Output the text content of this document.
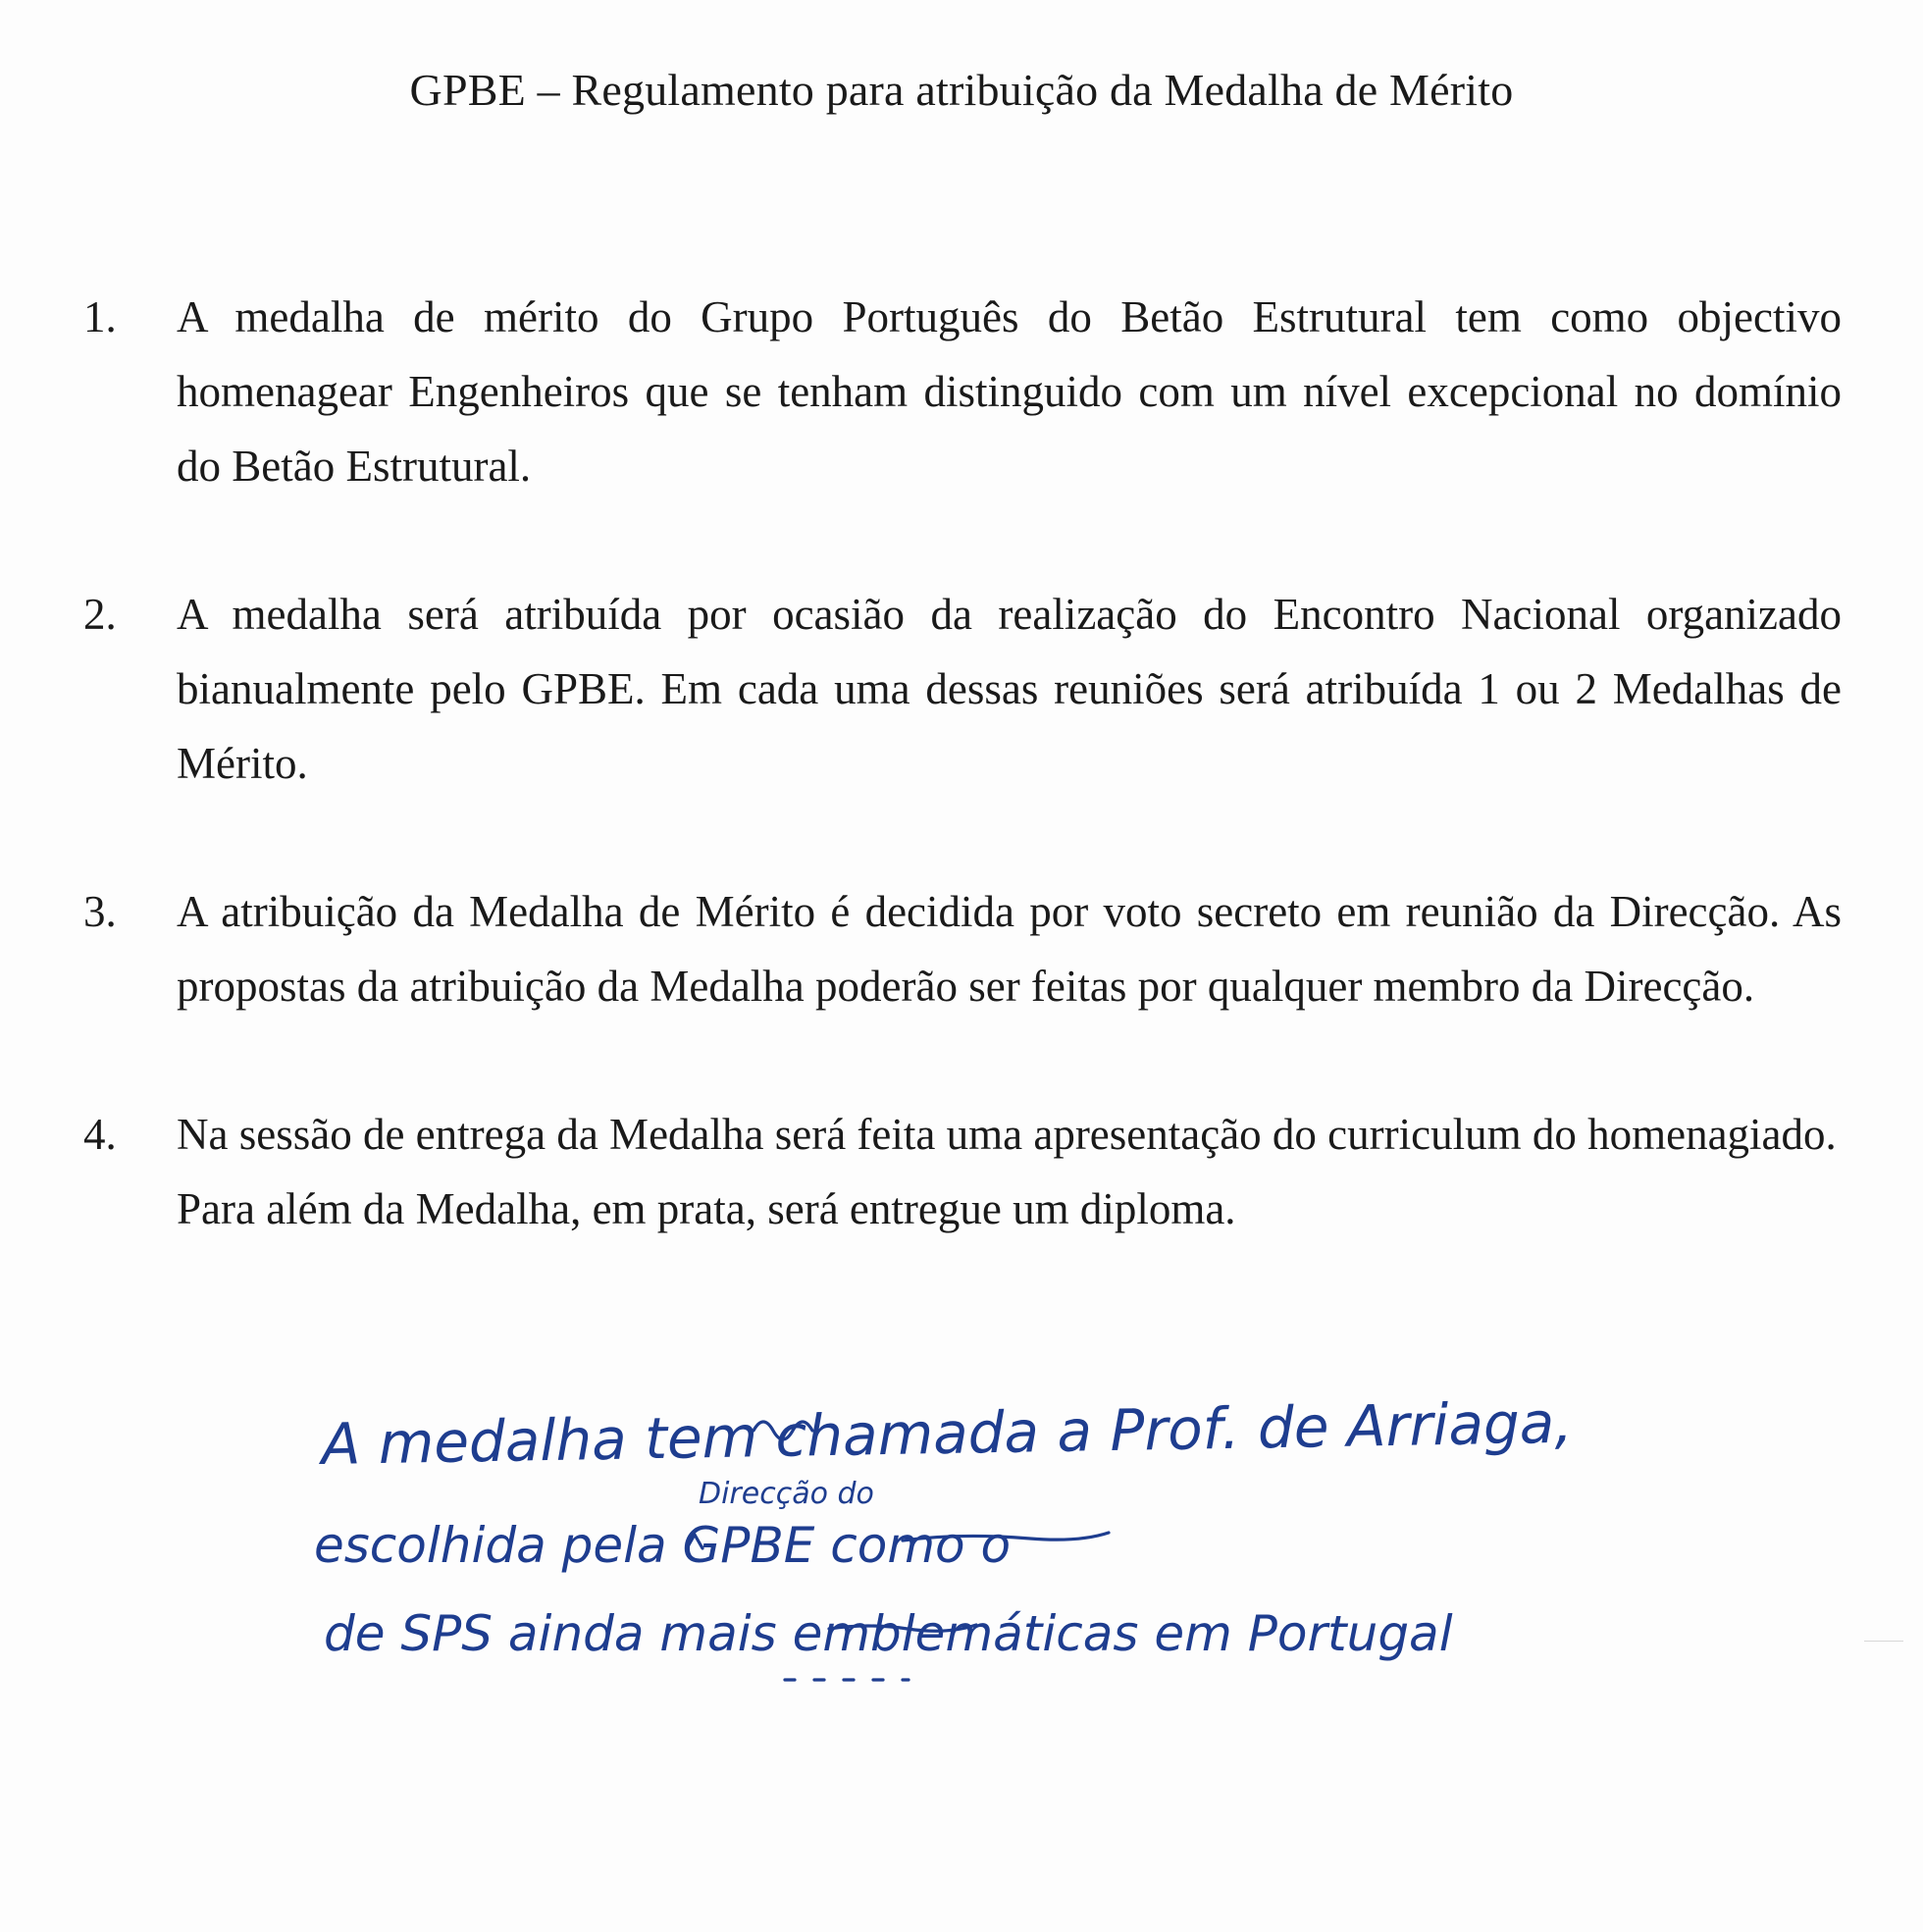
GPBE – Regulamento para atribuição da Medalha de Mérito
1.	A medalha de mérito do Grupo Português do Betão Estrutural tem como objectivo homenagear Engenheiros que se tenham distinguido com um nível excepcional no domínio do Betão Estrutural.
2.	A medalha será atribuída por ocasião da realização do Encontro Nacional organizado bianualmente pelo GPBE. Em cada uma dessas reuniões será atribuída 1 ou 2 Medalhas de Mérito.
3.	A atribuição da Medalha de Mérito é decidida por voto secreto em reunião da Direcção. As propostas da atribuição da Medalha poderão ser feitas por qualquer membro da Direcção.
4.	Na sessão de entrega da Medalha será feita uma apresentação do curriculum do homenagiado.
Para além da Medalha, em prata, será entregue um diploma.
A medalha tem chamada a Prof. de Arriaga,
Direcção do
escolhida pela GPBE como o
de SPS ainda mais emblemáticas em Portugal
